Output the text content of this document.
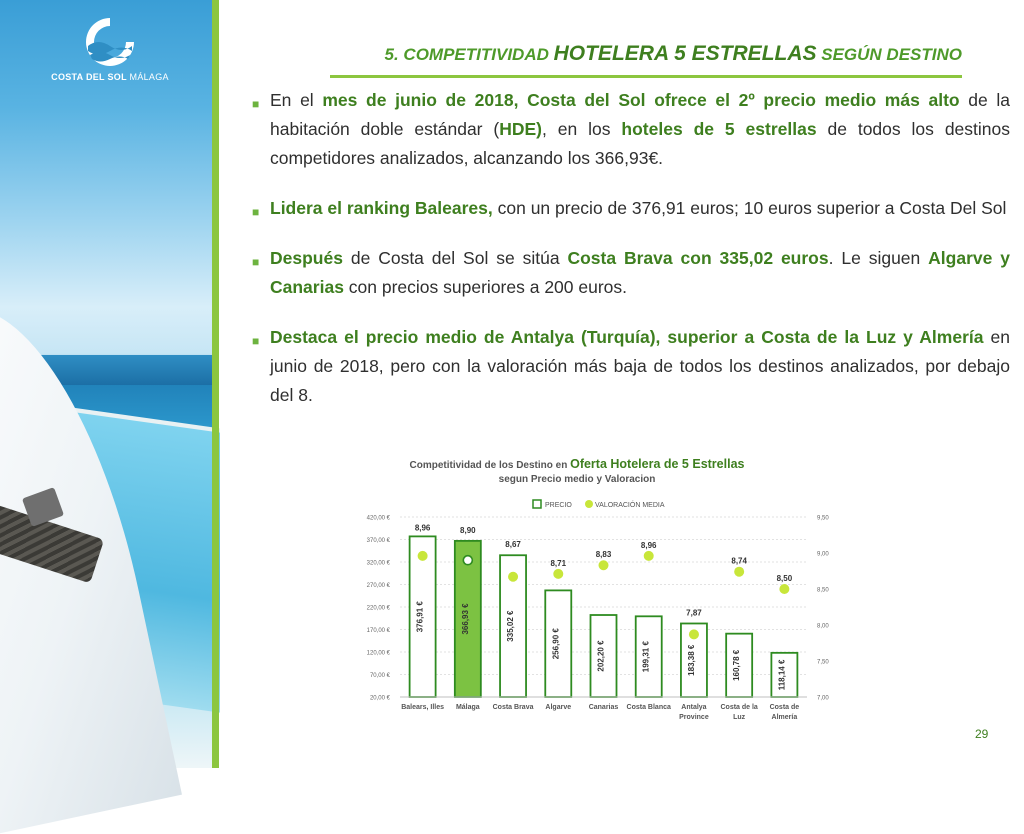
COSTA DEL SOL MÁLAGA
5. COMPETITIVIDAD HOTELERA 5 ESTRELLAS SEGÚN DESTINO
■ En el mes de junio de 2018, Costa del Sol ofrece el 2º precio medio más alto de la habitación doble estándar (HDE), en los hoteles de 5 estrellas de todos los destinos competidores analizados, alcanzando los 366,93€.
■ Lidera el ranking Baleares, con un precio de 376,91 euros; 10 euros superior a Costa Del Sol
■ Después de Costa del Sol se sitúa Costa Brava con 335,02 euros. Le siguen Algarve y Canarias con precios superiores a 200 euros.
■ Destaca el precio medio de Antalya (Turquía), superior a Costa de la Luz y Almería en junio de 2018, pero con la valoración más baja de todos los destinos analizados, por debajo del 8.
Competitividad de los Destino en Oferta Hotelera de 5 Estrellas
segun Precio medio y Valoracion
PRECIO	VALORACIÓN MEDIA
20,00 €
70,00 €
120,00 €
170,00 €
220,00 €
270,00 €
320,00 €
370,00 €
420,00 €
7,00
7,50
8,00
8,50
9,00
9,50
376,91 €
Balears, Illes
366,93 €
Málaga
335,02 €
Costa Brava
256,90 €
Algarve
202,20 €
Canarias
199,31 €
Costa Blanca
183,38 €
Antalya
Province
160,78 €
Costa de la
Luz
118,14 €
Costa de
Almería
8,96	8,90
8,67
8,71
8,83
8,96
7,87
8,74
8,50
29
